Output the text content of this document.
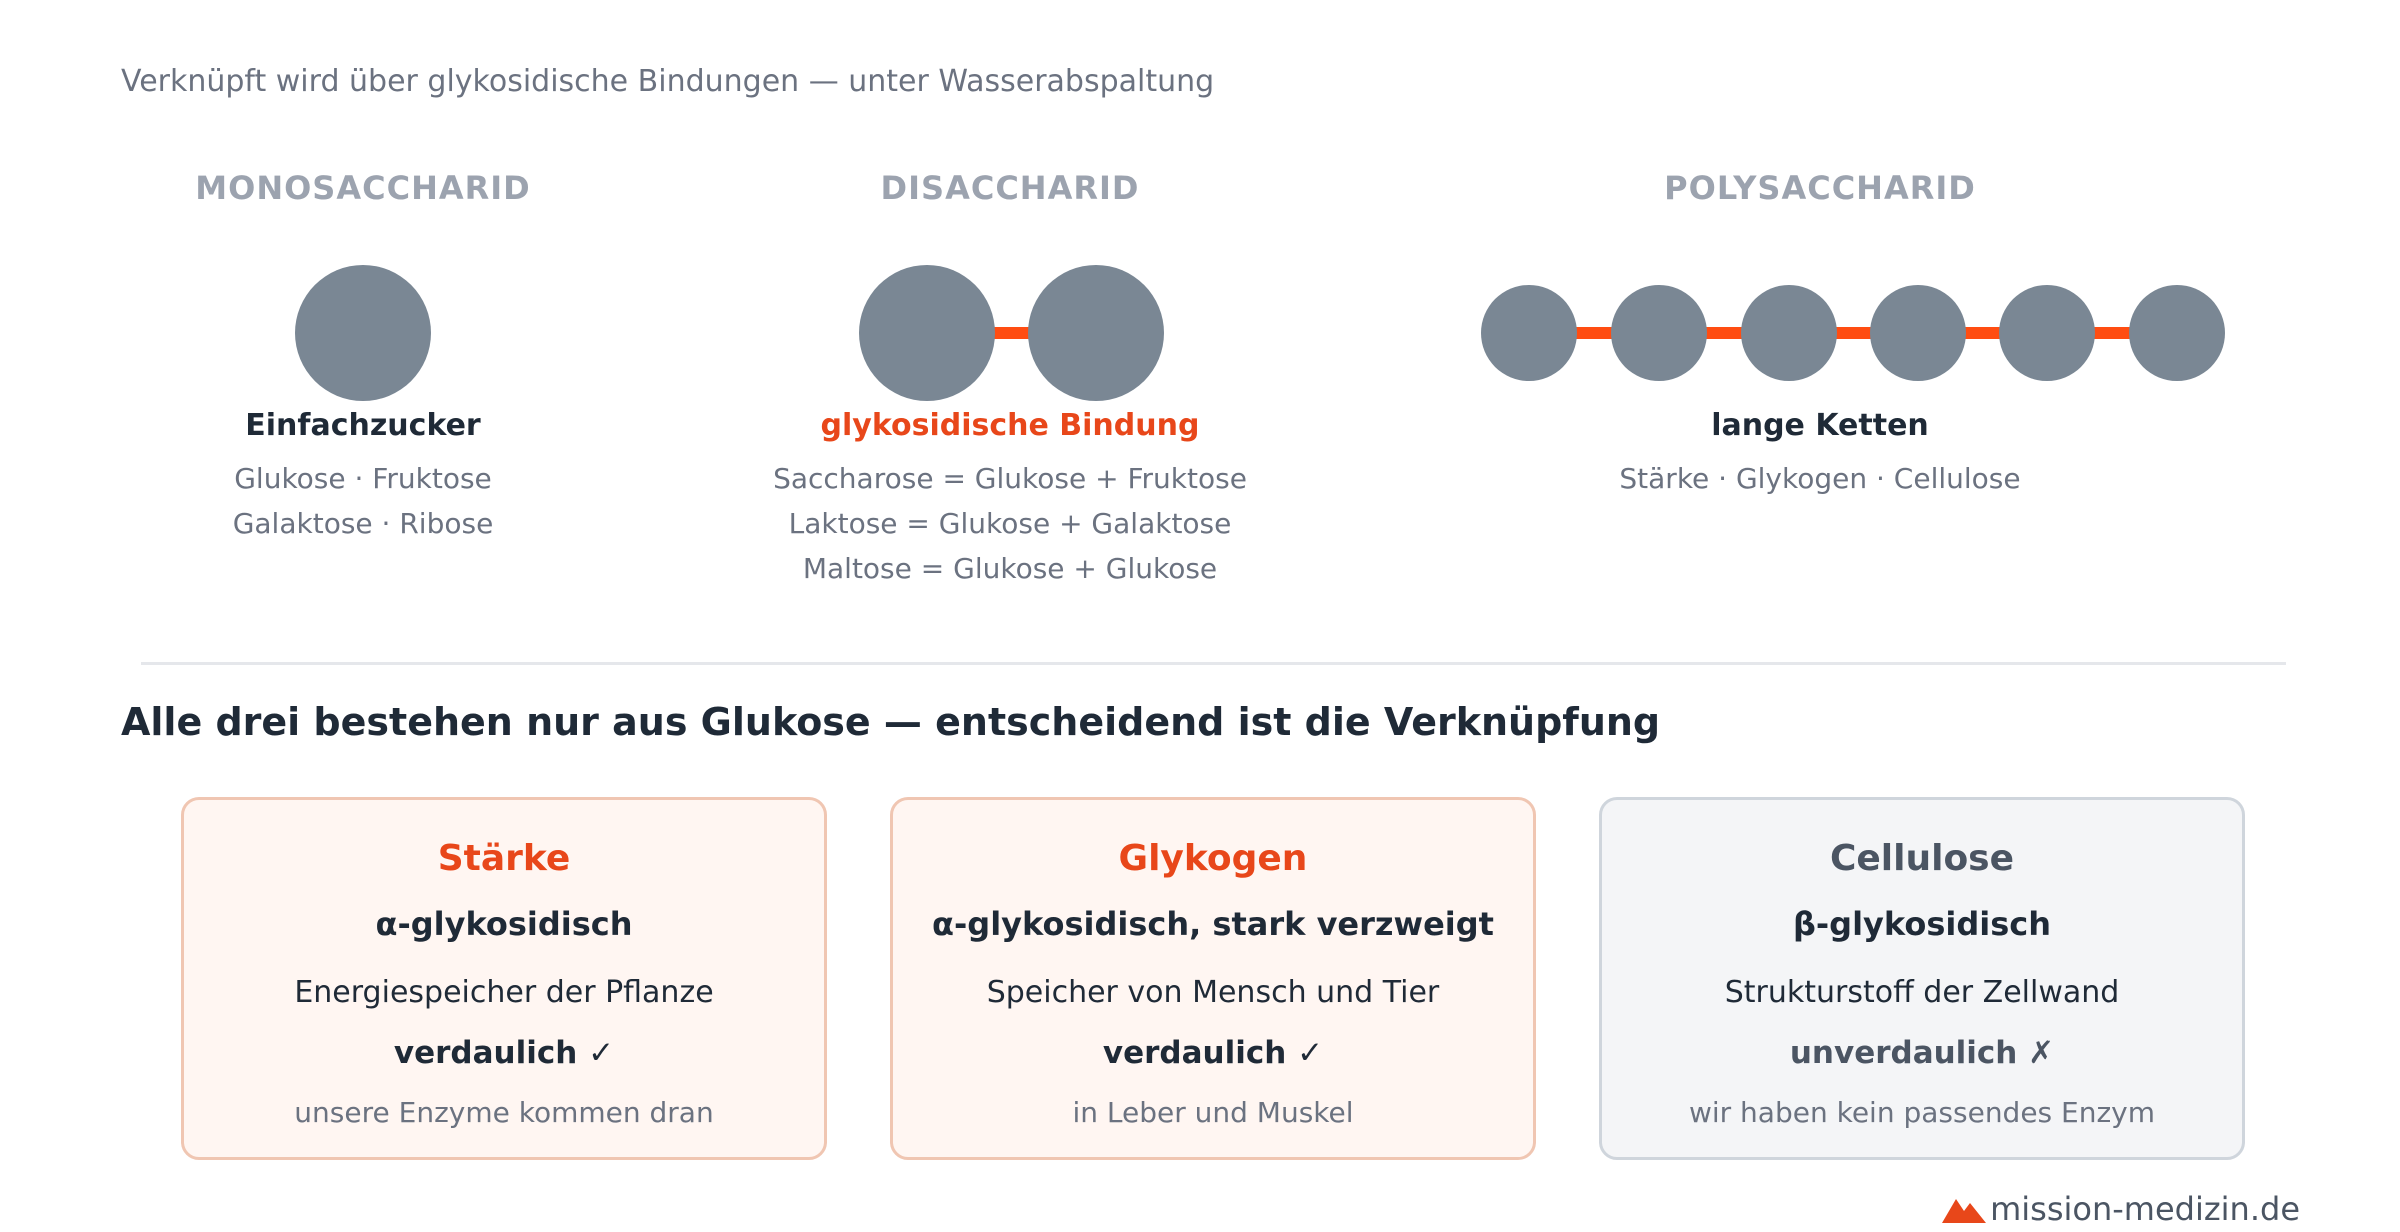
Verknüpft wird über glykosidische Bindungen — unter Wasserabspaltung
MONOSACCHARID
Einfachzucker
Glukose · Fruktose
Galaktose · Ribose
DISACCHARID
glykosidische Bindung
Saccharose = Glukose + Fruktose
Laktose = Glukose + Galaktose
Maltose = Glukose + Glukose
POLYSACCHARID
lange Ketten
Stärke · Glykogen · Cellulose
Alle drei bestehen nur aus Glukose — entscheidend ist die Verknüpfung
Stärke
α-glykosidisch
Energiespeicher der Pflanze
verdaulich ✓
unsere Enzyme kommen dran
Glykogen
α-glykosidisch, stark verzweigt
Speicher von Mensch und Tier
verdaulich ✓
in Leber und Muskel
Cellulose
β-glykosidisch
Strukturstoff der Zellwand
unverdaulich ✗
wir haben kein passendes Enzym
mission-medizin.de
